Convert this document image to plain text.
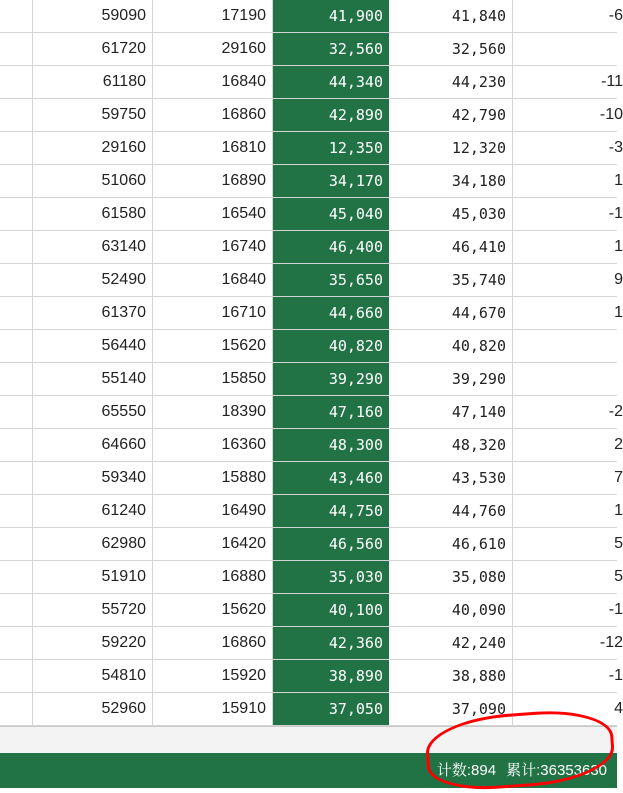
59090	17190	41,900	41,840	-6
61720	29160	32,560	32,560
61180	16840	44,340	44,230	-11
59750	16860	42,890	42,790	-10
29160	16810	12,350	12,320	-3
51060	16890	34,170	34,180	1
61580	16540	45,040	45,030	-1
63140	16740	46,400	46,410	1
52490	16840	35,650	35,740	9
61370	16710	44,660	44,670	1
56440	15620	40,820	40,820
55140	15850	39,290	39,290
65550	18390	47,160	47,140	-2
64660	16360	48,300	48,320	2
59340	15880	43,460	43,530	7
61240	16490	44,750	44,760	1
62980	16420	46,560	46,610	5
51910	16880	35,030	35,080	5
55720	15620	40,100	40,090	-1
59220	16860	42,360	42,240	-12
54810	15920	38,890	38,880	-1
52960	15910	37,050	37,090	4
计数:894 累计:36353630
